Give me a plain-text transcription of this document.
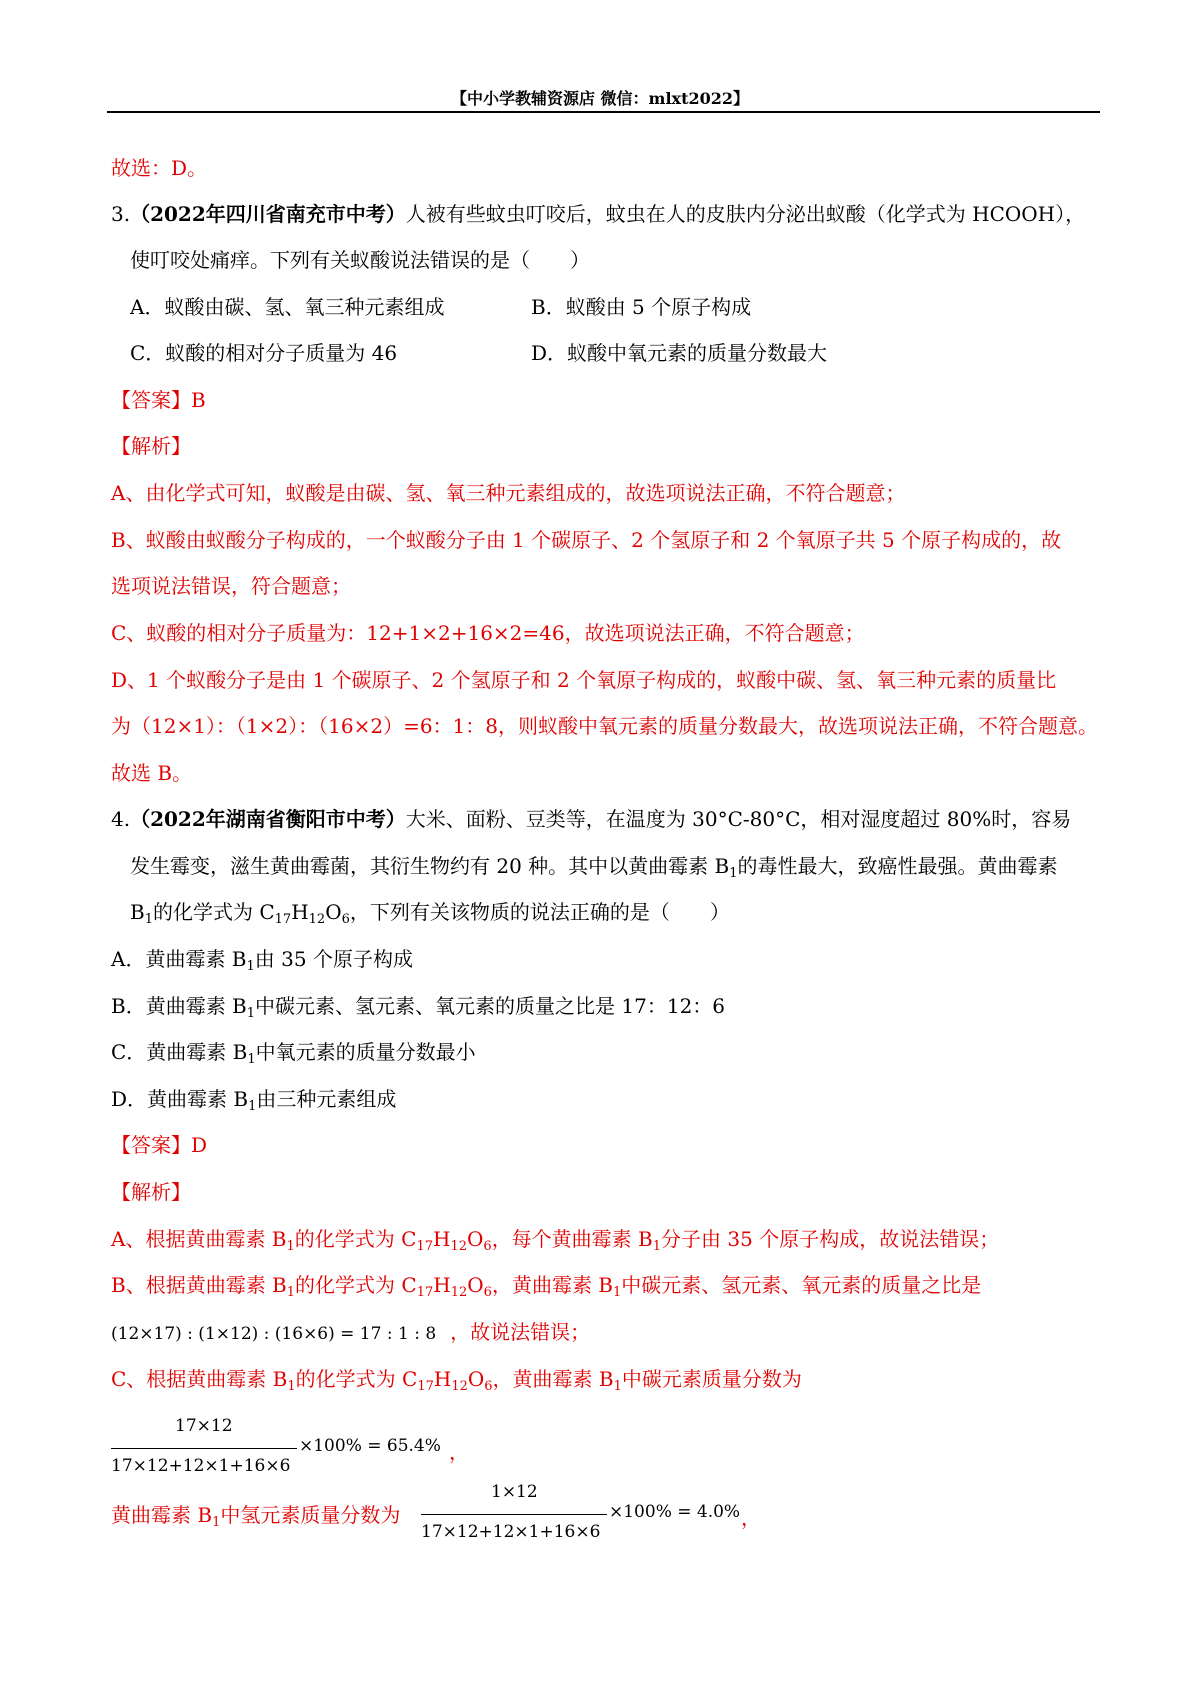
【中小学教辅资源店 微信：mlxt2022】
故选：D。
3.（2022年四川省南充市中考）人被有些蚊虫叮咬后，蚊虫在人的皮肤内分泌出蚁酸（化学式为 HCOOH），
使叮咬处痛痒。下列有关蚁酸说法错误的是（　　）
A．蚁酸由碳、氢、氧三种元素组成	B．蚁酸由 5 个原子构成
C．蚁酸的相对分子质量为 46	D．蚁酸中氧元素的质量分数最大
【答案】B
【解析】
A、由化学式可知，蚁酸是由碳、氢、氧三种元素组成的，故选项说法正确，不符合题意；
B、蚁酸由蚁酸分子构成的，一个蚁酸分子由 1 个碳原子、2 个氢原子和 2 个氧原子共 5 个原子构成的，故
选项说法错误，符合题意；
C、蚁酸的相对分子质量为：12+1×2+16×2=46，故选项说法正确，不符合题意；
D、1 个蚁酸分子是由 1 个碳原子、2 个氢原子和 2 个氧原子构成的，蚁酸中碳、氢、氧三种元素的质量比
为（12×1）：（1×2）：（16×2）=6：1：8，则蚁酸中氧元素的质量分数最大，故选项说法正确，不符合题意。
故选 B。
4.（2022年湖南省衡阳市中考）大米、面粉、豆类等，在温度为 30°C-80°C，相对湿度超过 80%时，容易
发生霉变，滋生黄曲霉菌，其衍生物约有 20 种。其中以黄曲霉素 $B_1$的毒性最大，致癌性最强。黄曲霉素
$B_1$的化学式为 $C_{17}H_{12}O_6$，下列有关该物质的说法正确的是（　　）
A．黄曲霉素 $B_1$由 35 个原子构成
B．黄曲霉素 $B_1$中碳元素、氢元素、氧元素的质量之比是 17：12：6
C．黄曲霉素 $B_1$中氧元素的质量分数最小
D．黄曲霉素 $B_1$由三种元素组成
【答案】D
【解析】
A、根据黄曲霉素 $B_1$的化学式为 $C_{17}H_{12}O_6$，每个黄曲霉素 $B_1$分子由 35 个原子构成，故说法错误；
B、根据黄曲霉素 $B_1$的化学式为 $C_{17}H_{12}O_6$，黄曲霉素 $B_1$中碳元素、氢元素、氧元素的质量之比是
(12×17) : (1×12) : (16×6) = 17 : 1 : 8 ，故说法错误；
C、根据黄曲霉素 $B_1$的化学式为 $C_{17}H_{12}O_6$，黄曲霉素 $B_1$中碳元素质量分数为
17×12
17×12+12×1+16×6
×100% = 65.4% ，
黄曲霉素 $B_1$中氢元素质量分数为
1×12
17×12+12×1+16×6
×100% = 4.0% ，
